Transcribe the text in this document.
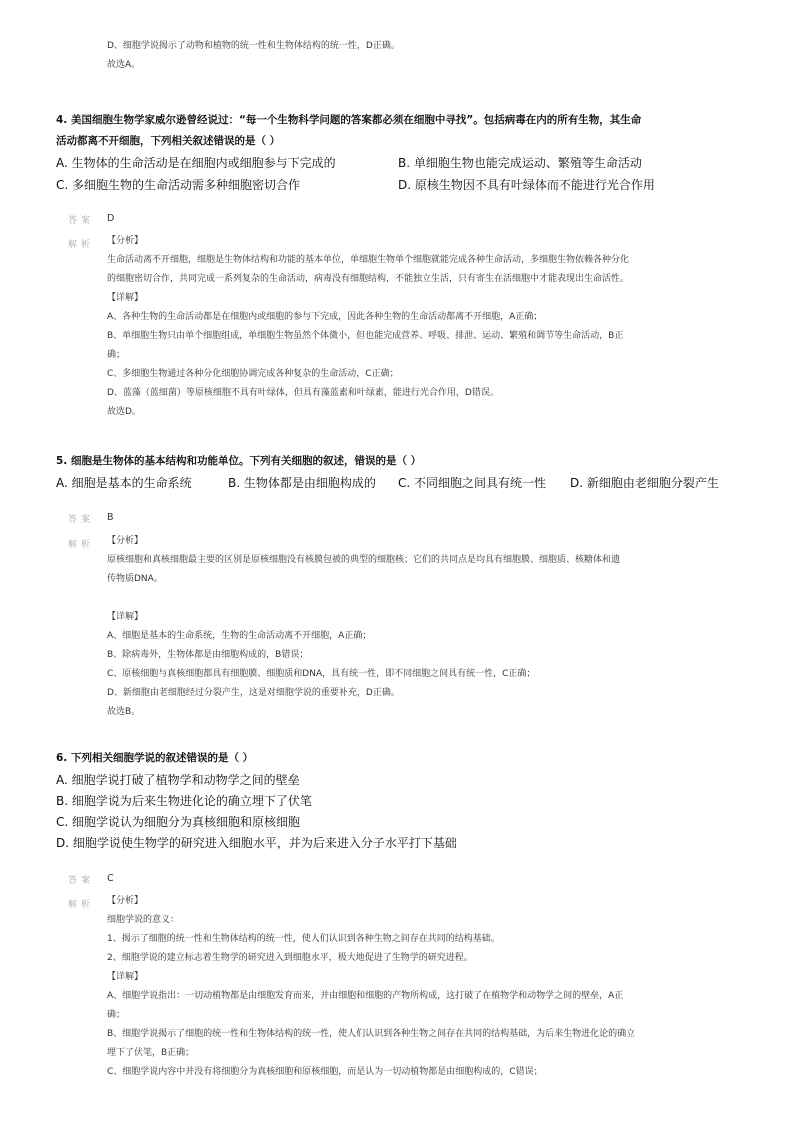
D、细胞学说揭示了动物和植物的统一性和生物体结构的统一性，D正确。
故选A。
4. 美国细胞生物学家威尔逊曾经说过：“每一个生物科学问题的答案都必须在细胞中寻找”。包括病毒在内的所有生物，其生命
活动都离不开细胞，下列相关叙述错误的是（ ）
A. 生物体的生命活动是在细胞内或细胞参与下完成的	B. 单细胞生物也能完成运动、繁殖等生命活动
C. 多细胞生物的生命活动需多种细胞密切合作	D. 原核生物因不具有叶绿体而不能进行光合作用
答案 D
解析 【分析】
生命活动离不开细胞，细胞是生物体结构和功能的基本单位，单细胞生物单个细胞就能完成各种生命活动，多细胞生物依赖各种分化
的细胞密切合作，共同完成一系列复杂的生命活动，病毒没有细胞结构，不能独立生活，只有寄生在活细胞中才能表现出生命活性。
【详解】
A、各种生物的生命活动都是在细胞内或细胞的参与下完成，因此各种生物的生命活动都离不开细胞，A正确；
B、单细胞生物只由单个细胞组成，单细胞生物虽然个体微小，但也能完成营养、呼吸、排泄、运动、繁殖和调节等生命活动，B正
确；
C、多细胞生物通过各种分化细胞协调完成各种复杂的生命活动，C正确；
D、蓝藻（蓝细菌）等原核细胞不具有叶绿体，但具有藻蓝素和叶绿素，能进行光合作用，D错误。
故选D。
5. 细胞是生物体的基本结构和功能单位。下列有关细胞的叙述，错误的是（ ）
A. 细胞是基本的生命系统	B. 生物体都是由细胞构成的 C. 不同细胞之间具有统一性 D. 新细胞由老细胞分裂产生
答案 B
解析 【分析】
原核细胞和真核细胞最主要的区别是原核细胞没有核膜包被的典型的细胞核；它们的共同点是均具有细胞膜、细胞质、核糖体和遗
传物质DNA。
【详解】
A、细胞是基本的生命系统，生物的生命活动离不开细胞，A正确；
B、除病毒外，生物体都是由细胞构成的，B错误；
C、原核细胞与真核细胞都具有细胞膜、细胞质和DNA，具有统一性，即不同细胞之间具有统一性，C正确；
D、新细胞由老细胞经过分裂产生，这是对细胞学说的重要补充，D正确。
故选B。
6. 下列相关细胞学说的叙述错误的是（ ）
A. 细胞学说打破了植物学和动物学之间的壁垒
B. 细胞学说为后来生物进化论的确立埋下了伏笔
C. 细胞学说认为细胞分为真核细胞和原核细胞
D. 细胞学说使生物学的研究进入细胞水平，并为后来进入分子水平打下基础
答案 C
解析 【分析】
细胞学说的意义：
1、揭示了细胞的统一性和生物体结构的统一性，使人们认识到各种生物之间存在共同的结构基础。
2、细胞学说的建立标志着生物学的研究进入到细胞水平，极大地促进了生物学的研究进程。
【详解】
A、细胞学说指出：一切动植物都是由细胞发育而来，并由细胞和细胞的产物所构成，这打破了在植物学和动物学之间的壁垒，A正
确；
B、细胞学说揭示了细胞的统一性和生物体结构的统一性，使人们认识到各种生物之间存在共同的结构基础，为后来生物进化论的确立
埋下了伏笔，B正确；
C、细胞学说内容中并没有将细胞分为真核细胞和原核细胞，而是认为一切动植物都是由细胞构成的，C错误；
